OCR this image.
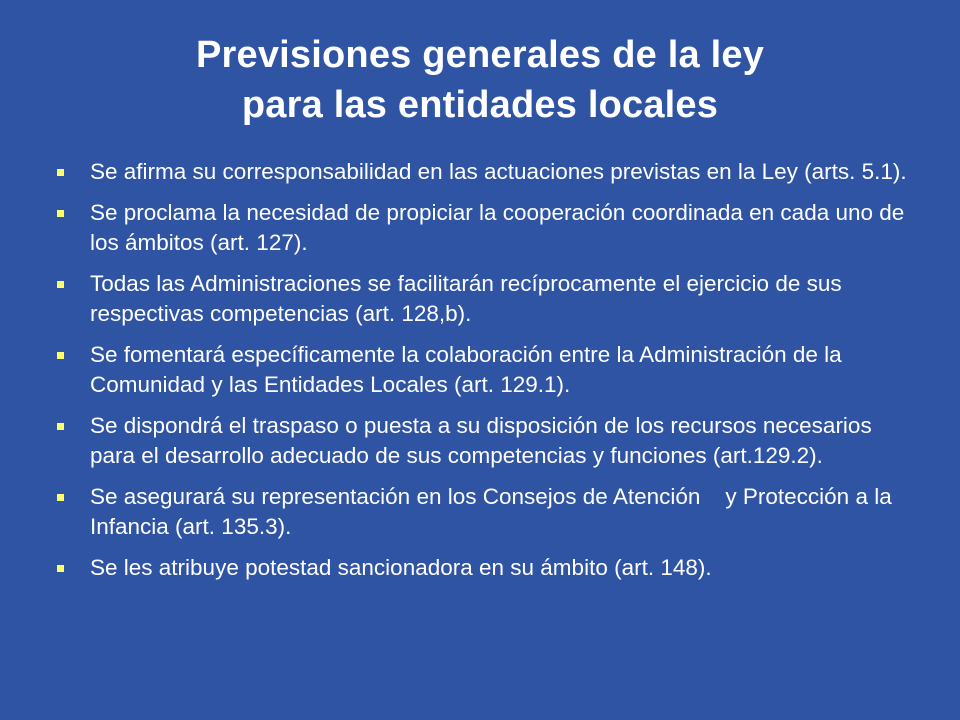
Previsiones generales de la ley
para las entidades locales
Se afirma su corresponsabilidad en las actuaciones previstas en la Ley (arts. 5.1).
Se proclama la necesidad de propiciar la cooperación coordinada en cada uno de los ámbitos (art. 127).
Todas las Administraciones se facilitarán recíprocamente el ejercicio de sus respectivas competencias (art. 128,b).
Se fomentará específicamente la colaboración entre la Administración de la Comunidad y las Entidades Locales (art. 129.1).
Se dispondrá el traspaso o puesta a su disposición de los recursos necesarios para el desarrollo adecuado de sus competencias y funciones (art.129.2).
Se asegurará su representación en los Consejos de Atención    y Protección a la Infancia (art. 135.3).
Se les atribuye potestad sancionadora en su ámbito (art. 148).
